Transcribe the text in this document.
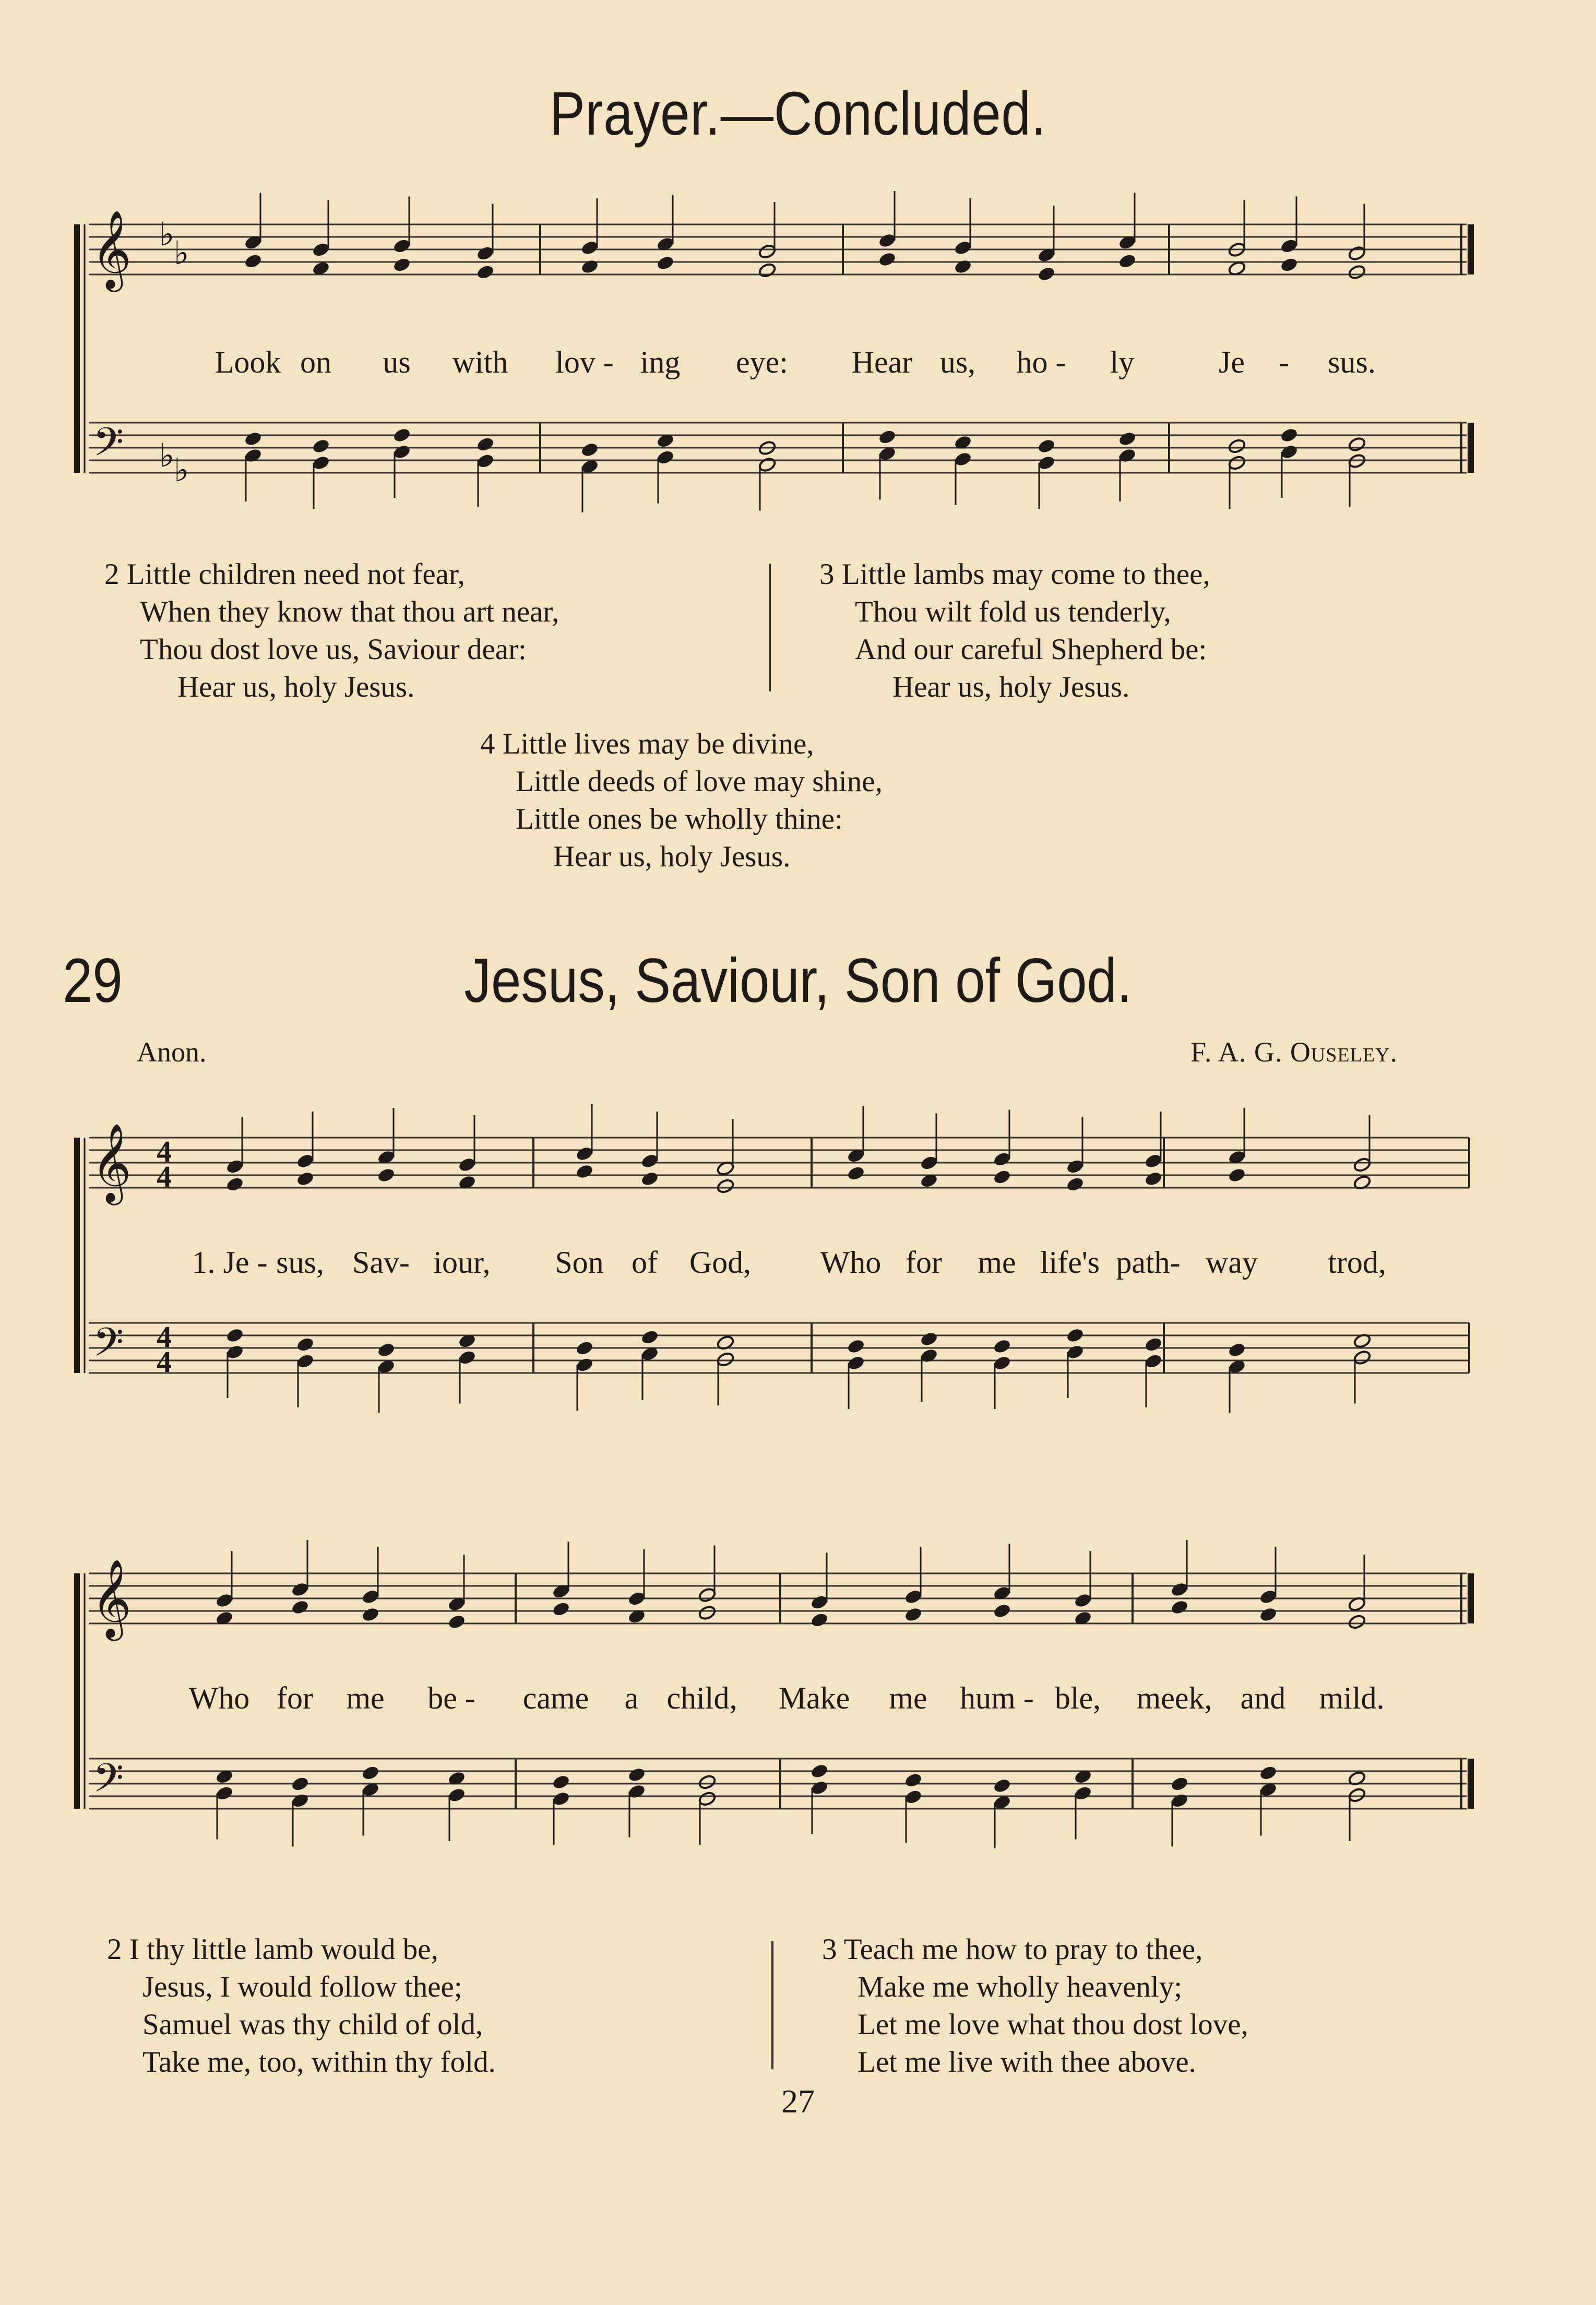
Prayer.—Concluded.
𝄞
𝄢
♭
♭
♭
♭
Look on us with lov - ing eye: Hear us, ho - ly	Je - sus.
2 Little children need not fear,
When they know that thou art near,
Thou dost love us, Saviour dear:
Hear us, holy Jesus.
3 Little lambs may come to thee,
Thou wilt fold us tenderly,
And our careful Shepherd be:
Hear us, holy Jesus.
4 Little lives may be divine,
Little deeds of love may shine,
Little ones be wholly thine:
Hear us, holy Jesus.
29	Jesus, Saviour, Son of God.
Anon.	F. A. G. Ouseley.
𝄞
𝄢
4
4
4
4
1. Je - sus, Sav- iour, Son of God, Who for me life's path- way trod,
𝄞
𝄢
Who for me be - came a child, Make me hum - ble, meek, and mild.
2 I thy little lamb would be,
Jesus, I would follow thee;
Samuel was thy child of old,
Take me, too, within thy fold.
3 Teach me how to pray to thee,
Make me wholly heavenly;
Let me love what thou dost love,
Let me live with thee above.
27
